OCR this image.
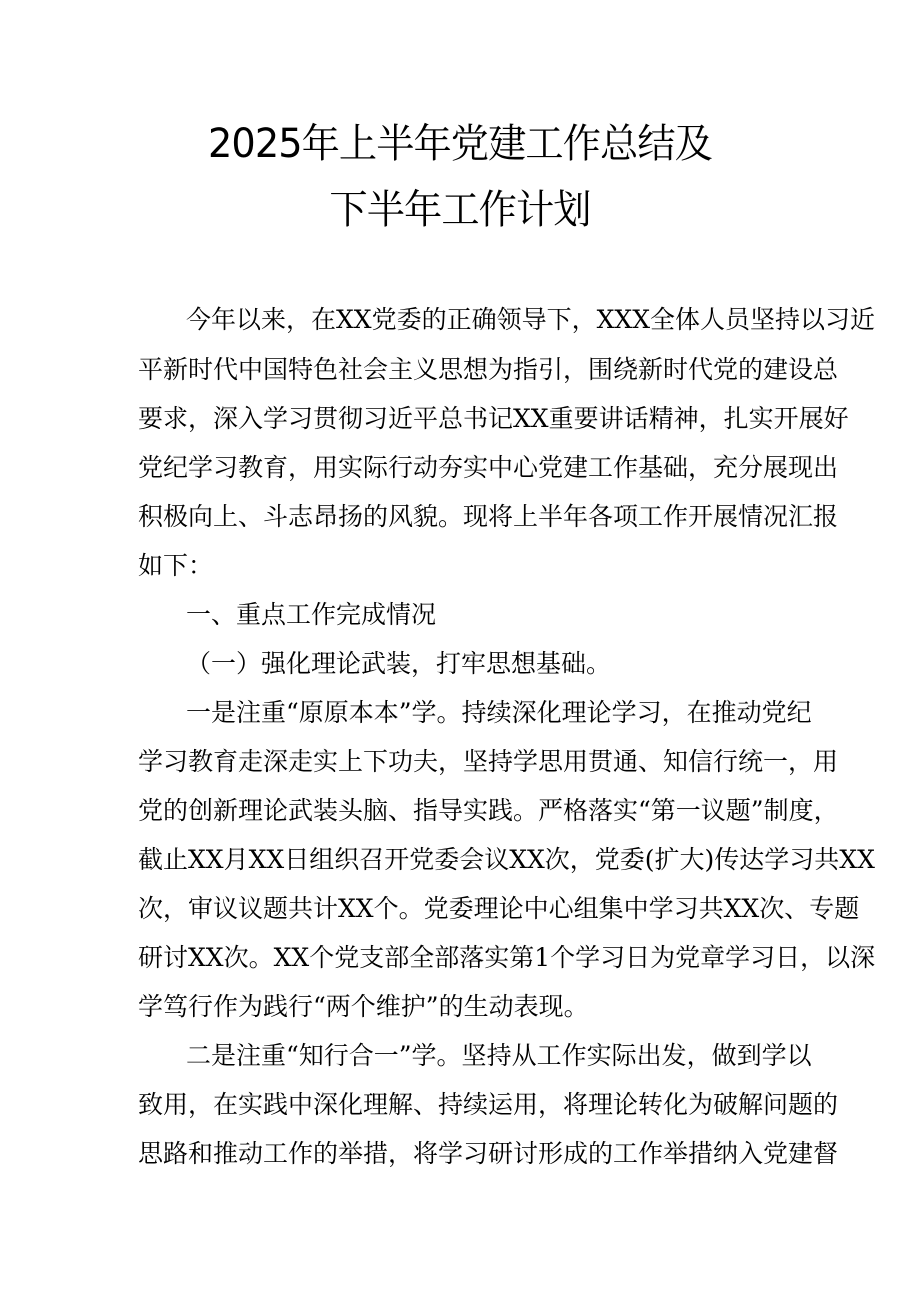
2025年上半年党建工作总结及
下半年工作计划
今年以来，在XX党委的正确领导下，XXX全体人员坚持以习近
平新时代中国特色社会主义思想为指引，围绕新时代党的建设总
要求，深入学习贯彻习近平总书记XX重要讲话精神，扎实开展好
党纪学习教育，用实际行动夯实中心党建工作基础，充分展现出
积极向上、斗志昂扬的风貌。现将上半年各项工作开展情况汇报
如下：
一、重点工作完成情况
（一）强化理论武装，打牢思想基础。
一是注重“原原本本”学。持续深化理论学习，在推动党纪
学习教育走深走实上下功夫，坚持学思用贯通、知信行统一，用
党的创新理论武装头脑、指导实践。严格落实“第一议题”制度，
截止XX月XX日组织召开党委会议XX次，党委(扩大)传达学习共XX
次，审议议题共计XX个。党委理论中心组集中学习共XX次、专题
研讨XX次。XX个党支部全部落实第1个学习日为党章学习日，以深
学笃行作为践行“两个维护”的生动表现。
二是注重“知行合一”学。坚持从工作实际出发，做到学以
致用，在实践中深化理解、持续运用，将理论转化为破解问题的
思路和推动工作的举措，将学习研讨形成的工作举措纳入党建督
